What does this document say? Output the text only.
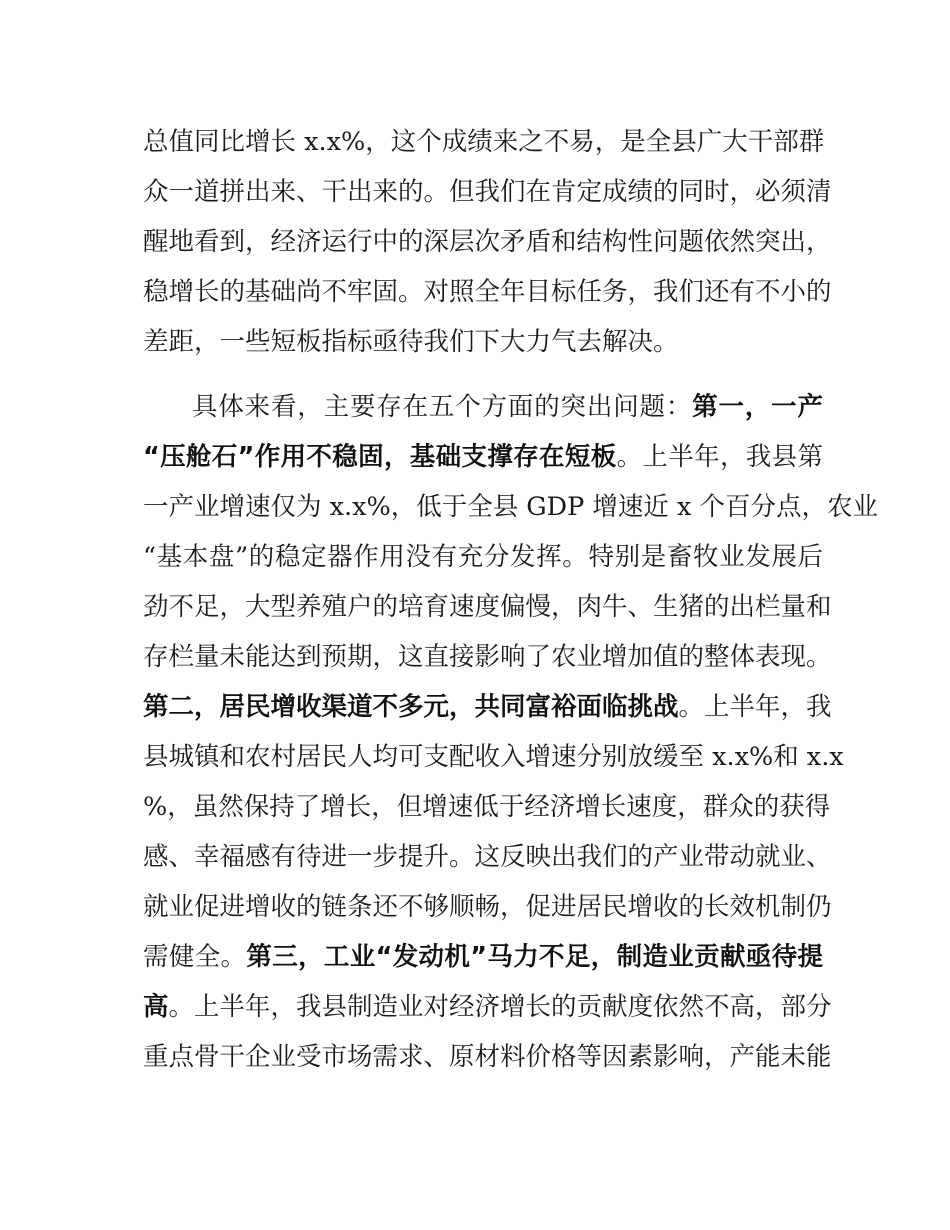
总值同比增长 x.x%，这个成绩来之不易，是全县广大干部群
众一道拼出来、干出来的。但我们在肯定成绩的同时，必须清
醒地看到，经济运行中的深层次矛盾和结构性问题依然突出，
稳增长的基础尚不牢固。对照全年目标任务，我们还有不小的
差距，一些短板指标亟待我们下大力气去解决。
具体来看，主要存在五个方面的突出问题：第一，一产
“压舱石”作用不稳固，基础支撑存在短板。上半年，我县第
一产业增速仅为 x.x%，低于全县 GDP 增速近 x 个百分点，农业
“基本盘”的稳定器作用没有充分发挥。特别是畜牧业发展后
劲不足，大型养殖户的培育速度偏慢，肉牛、生猪的出栏量和
存栏量未能达到预期，这直接影响了农业增加值的整体表现。
第二，居民增收渠道不多元，共同富裕面临挑战。上半年，我
县城镇和农村居民人均可支配收入增速分别放缓至 x.x%和 x.x
%，虽然保持了增长，但增速低于经济增长速度，群众的获得
感、幸福感有待进一步提升。这反映出我们的产业带动就业、
就业促进增收的链条还不够顺畅，促进居民增收的长效机制仍
需健全。第三，工业“发动机”马力不足，制造业贡献亟待提
高。上半年，我县制造业对经济增长的贡献度依然不高，部分
重点骨干企业受市场需求、原材料价格等因素影响，产能未能
